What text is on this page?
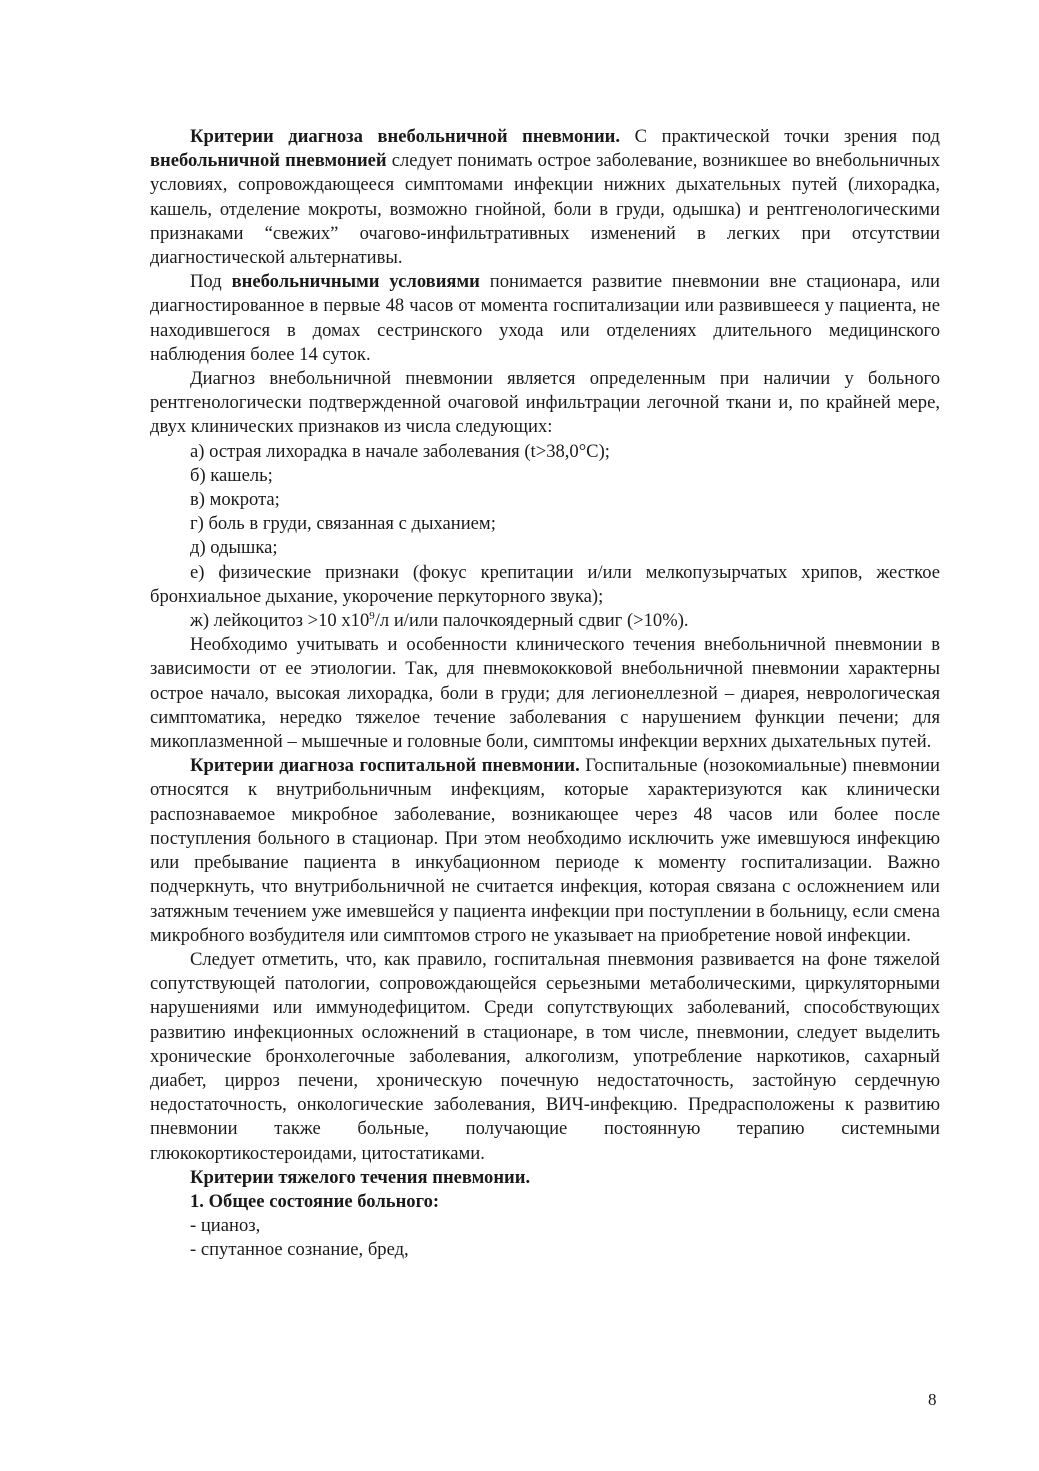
Критерии диагноза внебольничной пневмонии. С практической точки зрения под внебольничной пневмонией следует понимать острое заболевание, возникшее во внебольничных условиях, сопровождающееся симптомами инфекции нижних дыхательных путей (лихорадка, кашель, отделение мокроты, возможно гнойной, боли в груди, одышка) и рентгенологическими признаками “свежих” очагово-инфильтративных изменений в легких при отсутствии диагностической альтернативы.

Под внебольничными условиями понимается развитие пневмонии вне стационара, или диагностированное в первые 48 часов от момента госпитализации или развившееся у пациента, не находившегося в домах сестринского ухода или отделениях длительного медицинского наблюдения более 14 суток.

Диагноз внебольничной пневмонии является определенным при наличии у больного рентгенологически подтвержденной очаговой инфильтрации легочной ткани и, по крайней мере, двух клинических признаков из числа следующих:

а) острая лихорадка в начале заболевания (t>38,0°С);

б) кашель;

в) мокрота;

г) боль в груди, связанная с дыханием;

д) одышка;

е) физические признаки (фокус крепитации и/или мелкопузырчатых хрипов, жесткое бронхиальное дыхание, укорочение перкуторного звука);

ж) лейкоцитоз >10 $х10^9/л$ и/или палочкоядерный сдвиг (>10%).

Необходимо учитывать и особенности клинического течения внебольничной пневмонии в зависимости от ее этиологии. Так, для пневмококковой внебольничной пневмонии характерны острое начало, высокая лихорадка, боли в груди; для легионеллезной – диарея, неврологическая симптоматика, нередко тяжелое течение заболевания с нарушением функции печени; для микоплазменной – мышечные и головные боли, симптомы инфекции верхних дыхательных путей.

Критерии диагноза госпитальной пневмонии. Госпитальные (нозокомиальные) пневмонии относятся к внутрибольничным инфекциям, которые характеризуются как клинически распознаваемое микробное заболевание, возникающее через 48 часов или более после поступления больного в стационар. При этом необходимо исключить уже имевшуюся инфекцию или пребывание пациента в инкубационном периоде к моменту госпитализации. Важно подчеркнуть, что внутрибольничной не считается инфекция, которая связана с осложнением или затяжным течением уже имевшейся у пациента инфекции при поступлении в больницу, если смена микробного возбудителя или симптомов строго не указывает на приобретение новой инфекции.

Следует отметить, что, как правило, госпитальная пневмония развивается на фоне тяжелой сопутствующей патологии, сопровождающейся серьезными метаболическими, циркуляторными нарушениями или иммунодефицитом. Среди сопутствующих заболеваний, способствующих развитию инфекционных осложнений в стационаре, в том числе, пневмонии, следует выделить хронические бронхолегочные заболевания, алкоголизм, употребление наркотиков, сахарный диабет, цирроз печени, хроническую почечную недостаточность, застойную сердечную недостаточность, онкологические заболевания, ВИЧ-инфекцию. Предрасположены к развитию пневмонии также больные, получающие постоянную терапию системными глюкокортикостероидами, цитостатиками.

Критерии тяжелого течения пневмонии.

1. Общее состояние больного:

- цианоз,

- спутанное сознание, бред,

8
